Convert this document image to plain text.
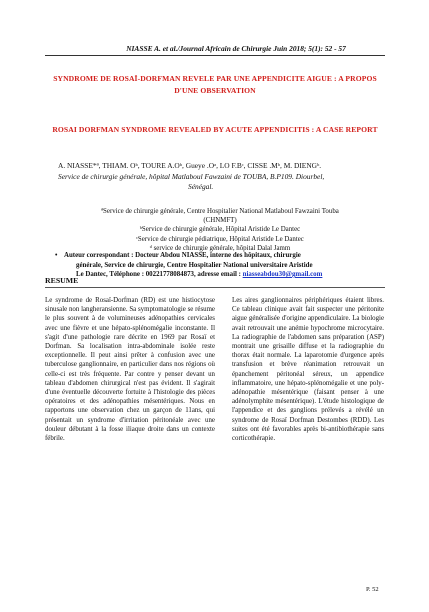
NIASSE A. et al./Journal Africain de Chirurgie Juin 2018; 5(1): 52 - 57
SYNDROME DE ROSAÏ-DORFMAN REVELE PAR UNE APPENDICITE AIGUE : A PROPOS D'UNE OBSERVATION
ROSAI DORFMAN SYNDROME REVEALED BY ACUTE APPENDICITIS : A CASE REPORT
A. NIASSE*ª, THIAM. Oᵇ, TOURE A.Oᵇ, Gueye .Oᵃ, LO F.Bᶜ, CISSE .Mᵇ, M. DIENGᵇ.
Service de chirurgie générale, hôpital Matlaboul Fawzaini de TOUBA, B.P109. Diourbel,
Sénégal.
ªService de chirurgie générale, Centre Hospitalier National Matlaboul Fawzaini Touba
(CHNMFT)
ᵇService de chirurgie générale, Hôpital Aristide Le Dantec
ᶜService de chirurgie pédiatrique, Hôpital Aristide Le Dantec
ᵈ service de chirurgie générale, hôpital Dalal Jamm
• Auteur correspondant : Docteur Abdou NIASSE, interne des hôpitaux, chirurgie
générale, Service de chirurgie, Centre Hospitalier National universitaire Aristide
Le Dantec, Téléphone : 00221778084873, adresse email : niasseabdou30@gmail.com
RESUME

Le syndrome de Rosaï-Dorfman (RD) est une histiocytose sinusale non langheransienne. Sa symptomatologie se résume le plus souvent à de volumineuses adénopathies cervicales avec une fièvre et une hépato-splénomégalie inconstante. Il s'agit d'une pathologie rare décrite en 1969 par Rosaï et Dorfman. Sa localisation intra-abdominale isolée reste exceptionnelle. Il peut ainsi prêter à confusion avec une tuberculose ganglionnaire, en particulier dans nos régions où celle-ci est très fréquente. Par contre y penser devant un tableau d'abdomen chirurgical n'est pas évident. Il s'agirait d'une éventuelle découverte fortuite à l'histologie des pièces opératoires et des adénopathies mésentériques. Nous en rapportons une observation chez un garçon de 11ans, qui présentait un syndrome d'irritation péritonéale avec une douleur débutant à la fosse iliaque droite dans un contexte fébrile.

Les aires ganglionnaires périphériques étaient libres. Ce tableau clinique avait fait suspecter une péritonite aigue généralisée d'origine appendiculaire. La biologie avait retrouvait une anémie hypochrome microcytaire. La radiographie de l'abdomen sans préparation (ASP) montrait une grisaille diffuse et la radiographie du thorax était normale. La laparotomie d'urgence après transfusion et brève réanimation retrouvait un épanchement péritonéal séreux, un appendice inflammatoire, une hépato-splénomégalie et une poly-adénopathie mésentérique (faisant penser à une adénolymphite mésentérique). L'étude histologique de l'appendice et des ganglions prélevés a révélé un syndrome de Rosaï Dorfman Destombes (RDD). Les suites ont été favorables après bi-antibiothérapie sans corticothérapie.

P. 52
